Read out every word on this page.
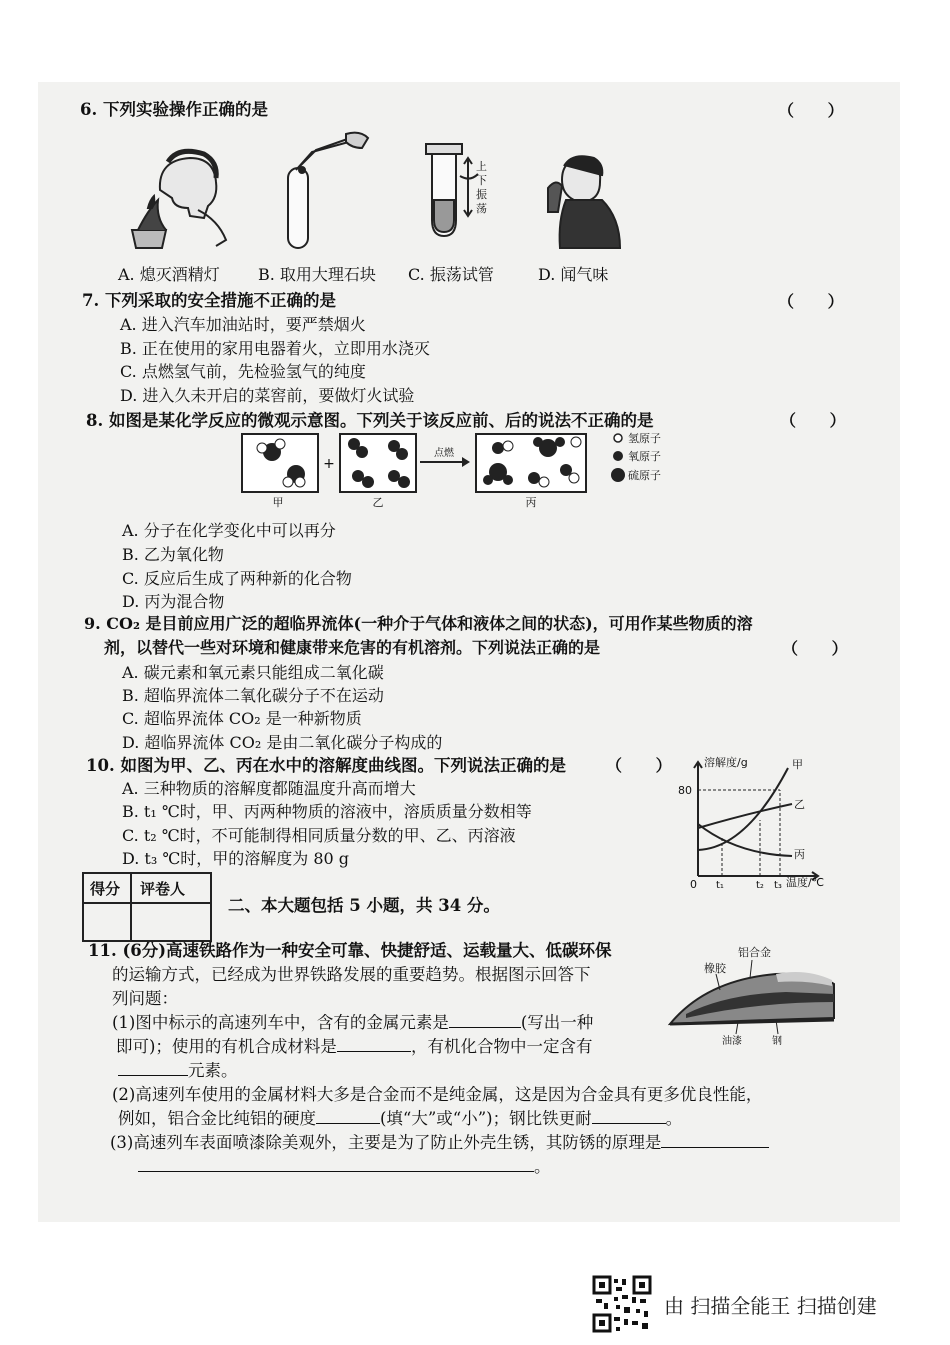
6. 下列实验操作正确的是	（ ）
上
下
振
荡
A. 熄灭酒精灯 B. 取用大理石块 C. 振荡试管	D. 闻气味
7. 下列采取的安全措施不正确的是	（ ）
A. 进入汽车加油站时，要严禁烟火
B. 正在使用的家用电器着火，立即用水浇灭
C. 点燃氢气前，先检验氢气的纯度
D. 进入久未开启的菜窖前，要做灯火试验
8. 如图是某化学反应的微观示意图。下列关于该反应前、后的说法不正确的是	（ ）
甲
+
乙
点燃
丙
氢原子
氧原子
硫原子
A. 分子在化学变化中可以再分
B. 乙为氧化物
C. 反应后生成了两种新的化合物
D. 丙为混合物
9. CO₂ 是目前应用广泛的超临界流体(一种介于气体和液体之间的状态)，可用作某些物质的溶
剂，以替代一些对环境和健康带来危害的有机溶剂。下列说法正确的是	（ ）
A. 碳元素和氧元素只能组成二氧化碳
B. 超临界流体二氧化碳分子不在运动
C. 超临界流体 CO₂ 是一种新物质
D. 超临界流体 CO₂ 是由二氧化碳分子构成的
10. 如图为甲、乙、丙在水中的溶解度曲线图。下列说法正确的是	（ ）
A. 三种物质的溶解度都随温度升高而增大
B. t₁ ℃时，甲、丙两种物质的溶液中，溶质质量分数相等
C. t₂ ℃时，不可能制得相同质量分数的甲、乙、丙溶液
D. t₃ ℃时，甲的溶解度为 80 g
溶解度/g
温度/℃
0
80
t₁	t₂ t₃
甲
乙
丙
得分 评卷人
二、本大题包括 5 小题，共 34 分。
11. (6分)高速铁路作为一种安全可靠、快捷舒适、运载量大、低碳环保
的运输方式，已经成为世界铁路发展的重要趋势。根据图示回答下
列问题：
铝合金
橡胶
油漆	钢
(1)图中标示的高速列车中，含有的金属元素是	(写出一种
即可)；使用的有机合成材料是	，有机化合物中一定含有
元素。
(2)高速列车使用的金属材料大多是合金而不是纯金属，这是因为合金具有更多优良性能，
例如，铝合金比纯铝的硬度	(填“大”或“小”)；钢比铁更耐	。
(3)高速列车表面喷漆除美观外，主要是为了防止外壳生锈，其防锈的原理是
。
由 扫描全能王 扫描创建
